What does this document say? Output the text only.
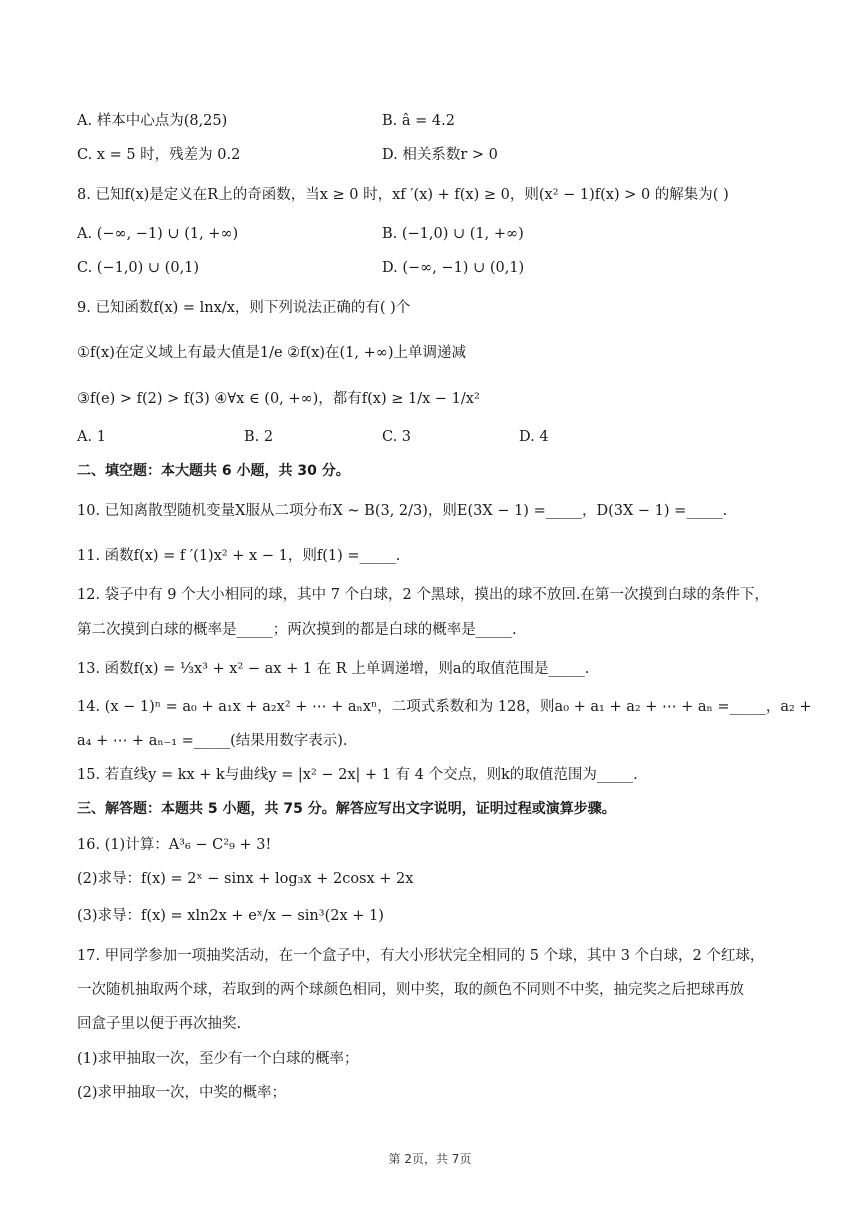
A. 样本中心点为(8,25)	B. â = 4.2
C. x = 5 时，残差为 0.2	D. 相关系数r > 0
8. 已知f(x)是定义在R上的奇函数，当x ≥ 0 时，xf ′(x) + f(x) ≥ 0，则(x² − 1)f(x) > 0 的解集为( )
A. (−∞, −1) ∪ (1, +∞)	B. (−1,0) ∪ (1, +∞)
C. (−1,0) ∪ (0,1)	D. (−∞, −1) ∪ (0,1)
9. 已知函数f(x) = lnx/x，则下列说法正确的有( )个
①f(x)在定义域上有最大值是1/e ②f(x)在(1, +∞)上单调递减
③f(e) > f(2) > f(3) ④∀x ∈ (0, +∞)，都有f(x) ≥ 1/x − 1/x²
A. 1	B. 2	C. 3	D. 4
二、填空题：本大题共 6 小题，共 30 分。
10. 已知离散型随机变量X服从二项分布X ~ B(3, 2/3)，则E(3X − 1) =_____，D(3X − 1) =_____.
11. 函数f(x) = f ′(1)x² + x − 1，则f(1) =_____.
12. 袋子中有 9 个大小相同的球，其中 7 个白球，2 个黑球，摸出的球不放回.在第一次摸到白球的条件下，
第二次摸到白球的概率是_____；两次摸到的都是白球的概率是_____.
13. 函数f(x) = ⅓x³ + x² − ax + 1 在 R 上单调递增，则a的取值范围是_____.
14. (x − 1)ⁿ = a₀ + a₁x + a₂x² + ⋯ + aₙxⁿ，二项式系数和为 128，则a₀ + a₁ + a₂ + ⋯ + aₙ =_____，a₂ +
a₄ + ⋯ + aₙ₋₁ =_____(结果用数字表示).
15. 若直线y = kx + k与曲线y = |x² − 2x| + 1 有 4 个交点，则k的取值范围为_____.
三、解答题：本题共 5 小题，共 75 分。解答应写出文字说明，证明过程或演算步骤。
16. (1)计算：A³₆ − C²₉ + 3!
(2)求导：f(x) = 2ˣ − sinx + log₃x + 2cosx + 2x
(3)求导：f(x) = xln2x + eˣ/x − sin³(2x + 1)
17. 甲同学参加一项抽奖活动，在一个盒子中，有大小形状完全相同的 5 个球，其中 3 个白球，2 个红球，
一次随机抽取两个球，若取到的两个球颜色相同，则中奖，取的颜色不同则不中奖，抽完奖之后把球再放
回盒子里以便于再次抽奖.
(1)求甲抽取一次，至少有一个白球的概率；
(2)求甲抽取一次，中奖的概率；
第 2页，共 7页
